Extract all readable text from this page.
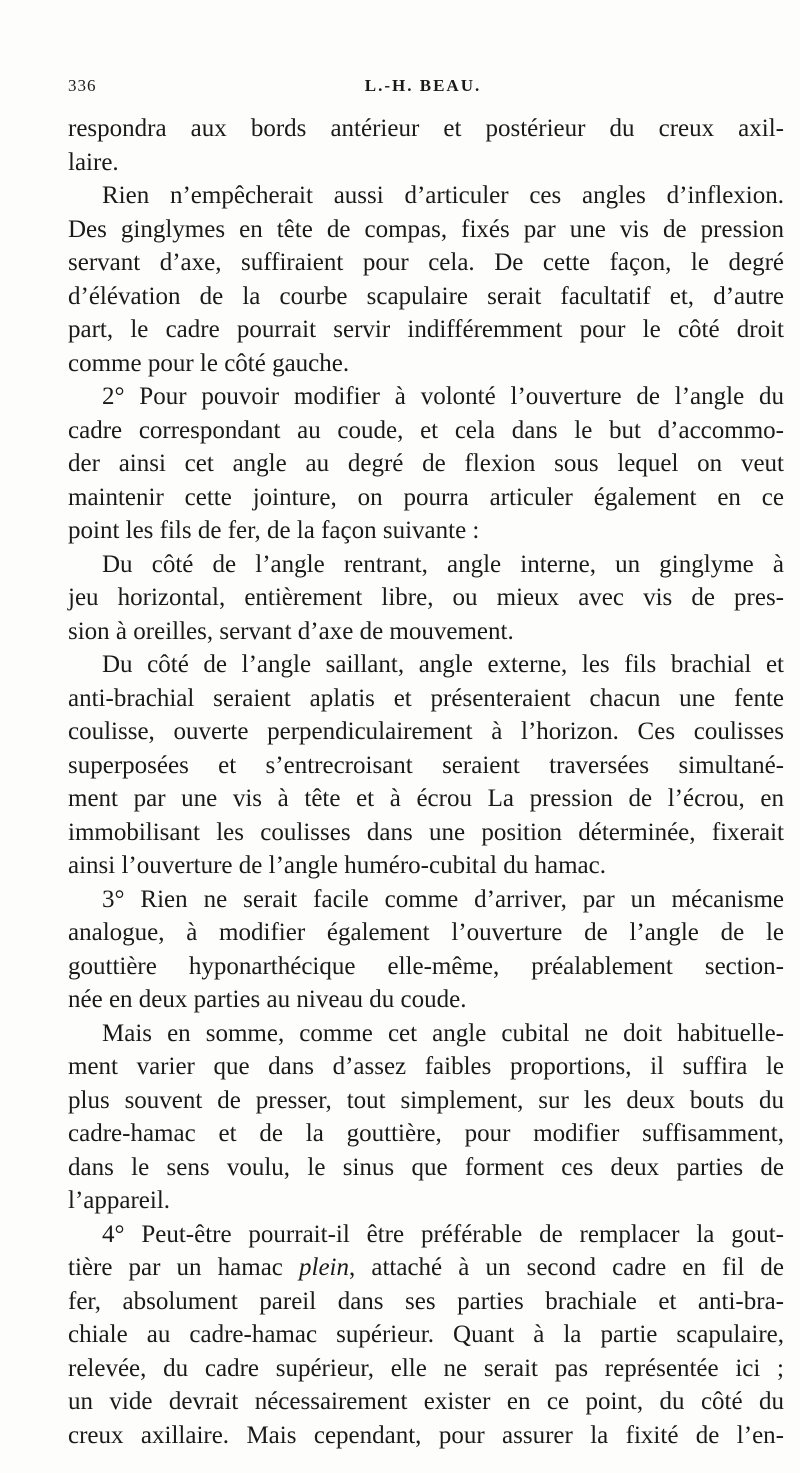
336	L.-H. BEAU.
respondra aux bords antérieur et postérieur du creux axil-
laire.
Rien n’empêcherait aussi d’articuler ces angles d’inflexion.
Des ginglymes en tête de compas, fixés par une vis de pression
servant d’axe, suffiraient pour cela. De cette façon, le degré
d’élévation de la courbe scapulaire serait facultatif et, d’autre
part, le cadre pourrait servir indifféremment pour le côté droit
comme pour le côté gauche.
2° Pour pouvoir modifier à volonté l’ouverture de l’angle du
cadre correspondant au coude, et cela dans le but d’accommo-
der ainsi cet angle au degré de flexion sous lequel on veut
maintenir cette jointure, on pourra articuler également en ce
point les fils de fer, de la façon suivante :
Du côté de l’angle rentrant, angle interne, un ginglyme à
jeu horizontal, entièrement libre, ou mieux avec vis de pres-
sion à oreilles, servant d’axe de mouvement.
Du côté de l’angle saillant, angle externe, les fils brachial et
anti-brachial seraient aplatis et présenteraient chacun une fente
coulisse, ouverte perpendiculairement à l’horizon. Ces coulisses
superposées et s’entrecroisant seraient traversées simultané-
ment par une vis à tête et à écrou La pression de l’écrou, en
immobilisant les coulisses dans une position déterminée, fixerait
ainsi l’ouverture de l’angle huméro-cubital du hamac.
3° Rien ne serait facile comme d’arriver, par un mécanisme
analogue, à modifier également l’ouverture de l’angle de le
gouttière hyponarthécique elle-même, préalablement section-
née en deux parties au niveau du coude.
Mais en somme, comme cet angle cubital ne doit habituelle-
ment varier que dans d’assez faibles proportions, il suffira le
plus souvent de presser, tout simplement, sur les deux bouts du
cadre-hamac et de la gouttière, pour modifier suffisamment,
dans le sens voulu, le sinus que forment ces deux parties de
l’appareil.
4° Peut-être pourrait-il être préférable de remplacer la gout-
tière par un hamac plein, attaché à un second cadre en fil de
fer, absolument pareil dans ses parties brachiale et anti-bra-
chiale au cadre-hamac supérieur. Quant à la partie scapulaire,
relevée, du cadre supérieur, elle ne serait pas représentée ici ;
un vide devrait nécessairement exister en ce point, du côté du
creux axillaire. Mais cependant, pour assurer la fixité de l’en-
